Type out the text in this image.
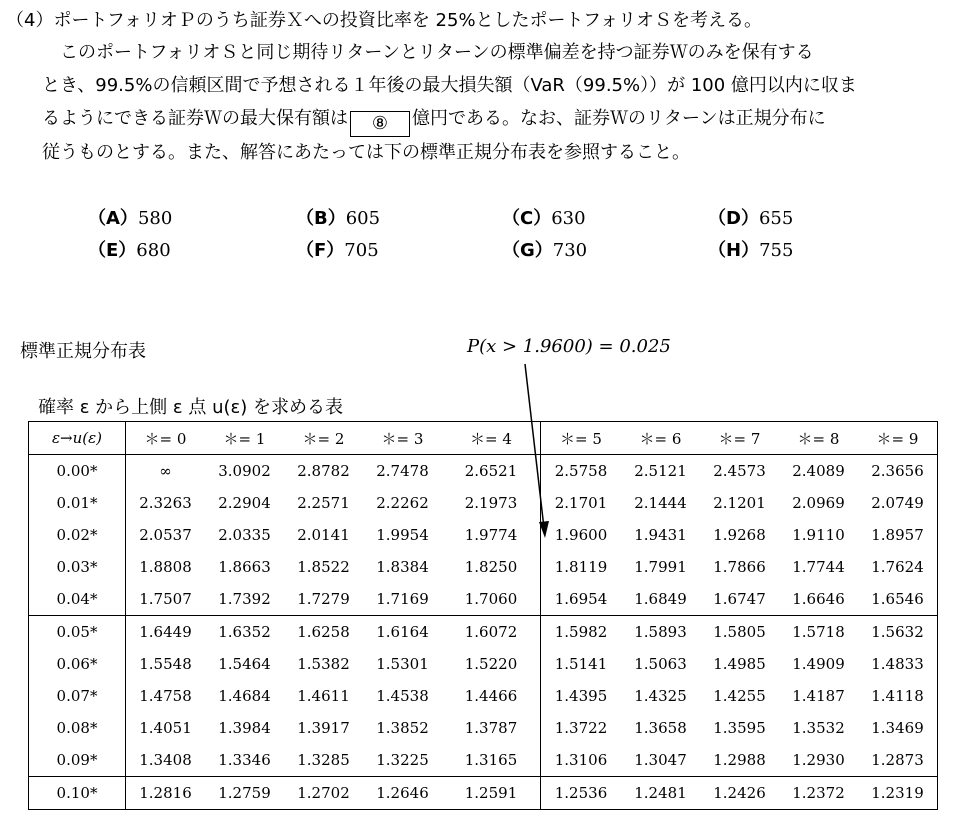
（4）ポートフォリオＰのうち証券Ｘへの投資比率を 25%としたポートフォリオＳを考える。
このポートフォリオＳと同じ期待リターンとリターンの標準偏差を持つ証券Ｗのみを保有する
とき、99.5%の信頼区間で予想される１年後の最大損失額（VaR（99.5%））が 100 億円以内に収ま
るようにできる証券Ｗの最大保有額は ⑧ 億円である。なお、証券Ｗのリターンは正規分布に
従うものとする。また、解答にあたっては下の標準正規分布表を参照すること。
（A）580	（B）605	（C）630	（D）655
（E）680	（F）705	（G）730	（H）755
標準正規分布表	P(x > 1.9600) = 0.025
確率 ε から上側 ε 点 u(ε) を求める表
ε→u(ε)	＊= 0	＊= 1	＊= 2	＊= 3	＊= 4	＊= 5	＊= 6	＊= 7	＊= 8	＊= 9
0.00*	∞	3.0902	2.8782	2.7478	2.6521	2.5758	2.5121	2.4573	2.4089	2.3656
0.01*	2.3263	2.2904	2.2571	2.2262	2.1973	2.1701	2.1444	2.1201	2.0969	2.0749
0.02*	2.0537	2.0335	2.0141	1.9954	1.9774	1.9600	1.9431	1.9268	1.9110	1.8957
0.03*	1.8808	1.8663	1.8522	1.8384	1.8250	1.8119	1.7991	1.7866	1.7744	1.7624
0.04*	1.7507	1.7392	1.7279	1.7169	1.7060	1.6954	1.6849	1.6747	1.6646	1.6546
0.05*	1.6449	1.6352	1.6258	1.6164	1.6072	1.5982	1.5893	1.5805	1.5718	1.5632
0.06*	1.5548	1.5464	1.5382	1.5301	1.5220	1.5141	1.5063	1.4985	1.4909	1.4833
0.07*	1.4758	1.4684	1.4611	1.4538	1.4466	1.4395	1.4325	1.4255	1.4187	1.4118
0.08*	1.4051	1.3984	1.3917	1.3852	1.3787	1.3722	1.3658	1.3595	1.3532	1.3469
0.09*	1.3408	1.3346	1.3285	1.3225	1.3165	1.3106	1.3047	1.2988	1.2930	1.2873
0.10*	1.2816	1.2759	1.2702	1.2646	1.2591	1.2536	1.2481	1.2426	1.2372	1.2319
